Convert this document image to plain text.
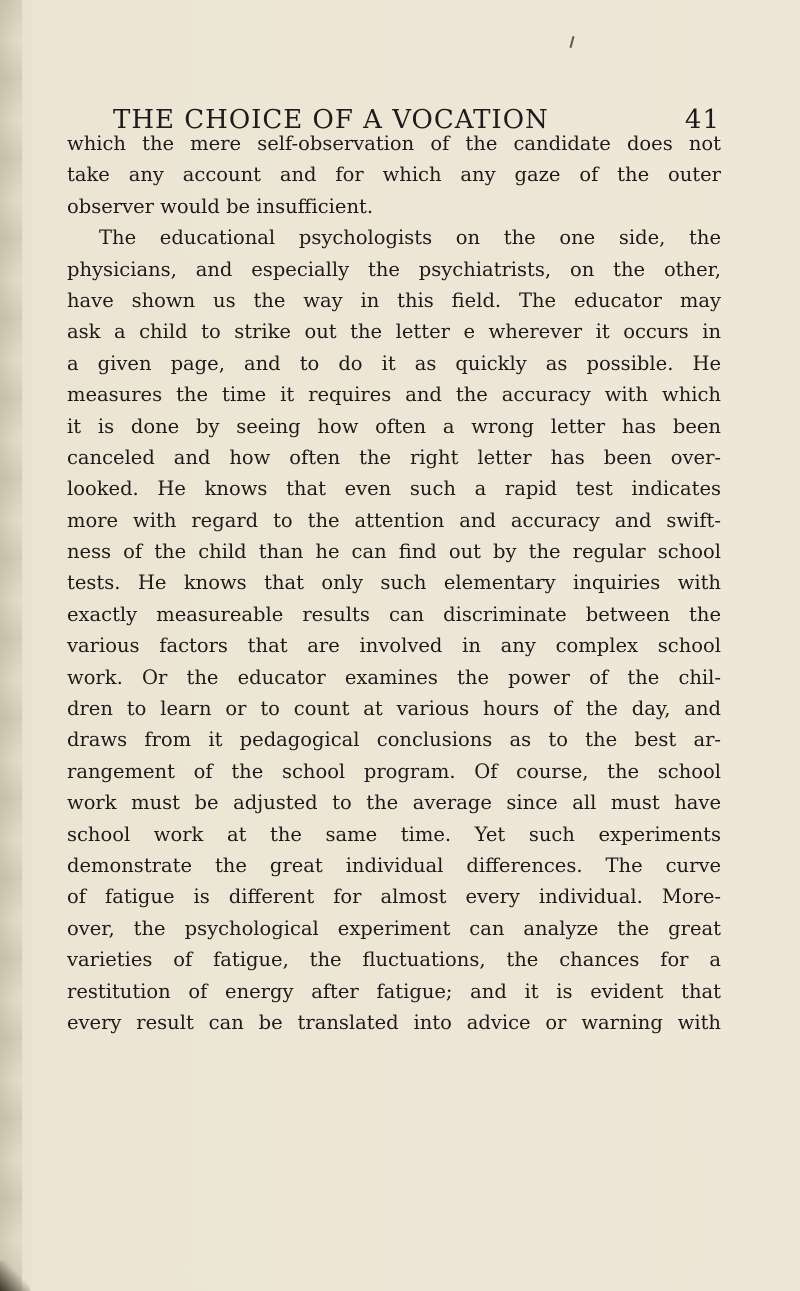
THE CHOICE OF A VOCATION	41
which the mere self-observation of the candidate does not
take any account and for which any gaze of the outer
observer would be insufficient.
The educational psychologists on the one side, the
physicians, and especially the psychiatrists, on the other,
have shown us the way in this field. The educator may
ask a child to strike out the letter e wherever it occurs in
a given page, and to do it as quickly as possible. He
measures the time it requires and the accuracy with which
it is done by seeing how often a wrong letter has been
canceled and how often the right letter has been over-
looked. He knows that even such a rapid test indicates
more with regard to the attention and accuracy and swift-
ness of the child than he can find out by the regular school
tests. He knows that only such elementary inquiries with
exactly measureable results can discriminate between the
various factors that are involved in any complex school
work. Or the educator examines the power of the chil-
dren to learn or to count at various hours of the day, and
draws from it pedagogical conclusions as to the best ar-
rangement of the school program. Of course, the school
work must be adjusted to the average since all must have
school work at the same time. Yet such experiments
demonstrate the great individual differences. The curve
of fatigue is different for almost every individual. More-
over, the psychological experiment can analyze the great
varieties of fatigue, the fluctuations, the chances for a
restitution of energy after fatigue; and it is evident that
every result can be translated into advice or warning with
